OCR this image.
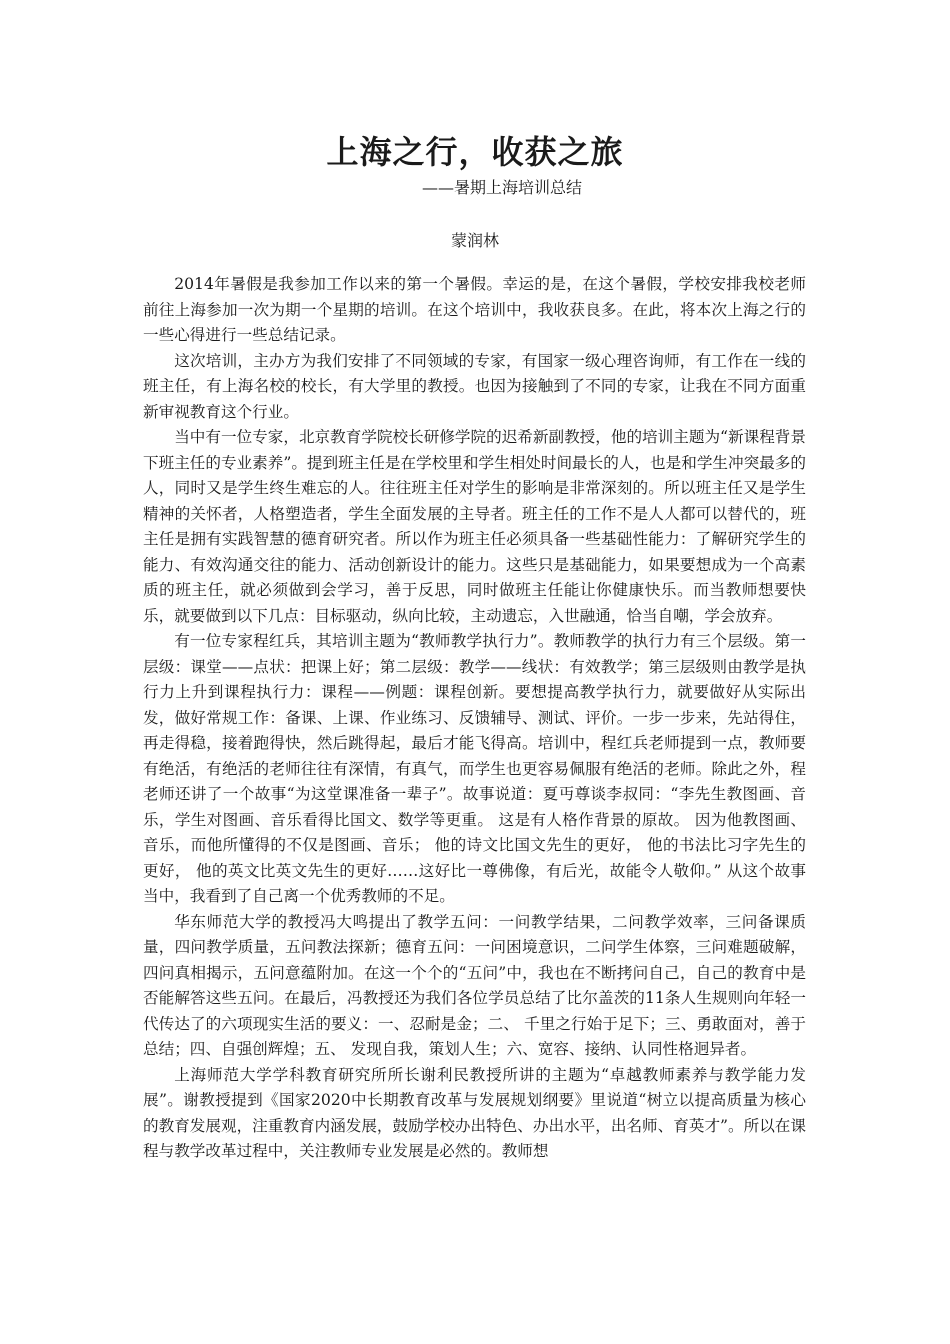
上海之行，收获之旅
——暑期上海培训总结
蒙润林

2014年暑假是我参加工作以来的第一个暑假。幸运的是，在这个暑假，学校安排我校老师前往上海参加一次为期一个星期的培训。在这个培训中，我收获良多。在此，将本次上海之行的一些心得进行一些总结记录。

这次培训，主办方为我们安排了不同领域的专家，有国家一级心理咨询师，有工作在一线的班主任，有上海名校的校长，有大学里的教授。也因为接触到了不同的专家，让我在不同方面重新审视教育这个行业。

当中有一位专家，北京教育学院校长研修学院的迟希新副教授，他的培训主题为“新课程背景下班主任的专业素养”。提到班主任是在学校里和学生相处时间最长的人，也是和学生冲突最多的人，同时又是学生终生难忘的人。往往班主任对学生的影响是非常深刻的。所以班主任又是学生精神的关怀者，人格塑造者，学生全面发展的主导者。班主任的工作不是人人都可以替代的，班主任是拥有实践智慧的德育研究者。所以作为班主任必须具备一些基础性能力：了解研究学生的能力、有效沟通交往的能力、活动创新设计的能力。这些只是基础能力，如果要想成为一个高素质的班主任，就必须做到会学习，善于反思，同时做班主任能让你健康快乐。而当教师想要快乐，就要做到以下几点：目标驱动，纵向比较，主动遗忘，入世融通，恰当自嘲，学会放弃。

有一位专家程红兵，其培训主题为“教师教学执行力”。教师教学的执行力有三个层级。第一层级：课堂——点状：把课上好；第二层级：教学——线状：有效教学；第三层级则由教学是执行力上升到课程执行力：课程——例题：课程创新。要想提高教学执行力，就要做好从实际出发，做好常规工作：备课、上课、作业练习、反馈辅导、测试、评价。一步一步来，先站得住，再走得稳，接着跑得快，然后跳得起，最后才能飞得高。培训中，程红兵老师提到一点，教师要有绝活，有绝活的老师往往有深情，有真气，而学生也更容易佩服有绝活的老师。除此之外，程老师还讲了一个故事“为这堂课准备一辈子”。故事说道：夏丏尊谈李叔同：“李先生教图画、音乐，学生对图画、音乐看得比国文、数学等更重。 这是有人格作背景的原故。 因为他教图画、音乐，而他所懂得的不仅是图画、音乐； 他的诗文比国文先生的更好， 他的书法比习字先生的更好， 他的英文比英文先生的更好……这好比一尊佛像，有后光，故能令人敬仰。” 从这个故事当中，我看到了自己离一个优秀教师的不足。

华东师范大学的教授冯大鸣提出了教学五问：一问教学结果，二问教学效率，三问备课质量，四问教学质量，五问教法探新；德育五问：一问困境意识，二问学生体察，三问难题破解，四问真相揭示，五问意蕴附加。在这一个个的“五问”中，我也在不断拷问自己，自己的教育中是否能解答这些五问。在最后，冯教授还为我们各位学员总结了比尔盖茨的11条人生规则向年轻一代传达了的六项现实生活的要义：一、忍耐是金；二、 千里之行始于足下；三、勇敢面对，善于总结；四、自强创辉煌；五、 发现自我，策划人生；六、宽容、接纳、认同性格迥异者。

上海师范大学学科教育研究所所长谢利民教授所讲的主题为“卓越教师素养与教学能力发展”。谢教授提到《国家2020中长期教育改革与发展规划纲要》里说道“树立以提高质量为核心的教育发展观，注重教育内涵发展，鼓励学校办出特色、办出水平，出名师、育英才”。所以在课程与教学改革过程中，关注教师专业发展是必然的。教师想
